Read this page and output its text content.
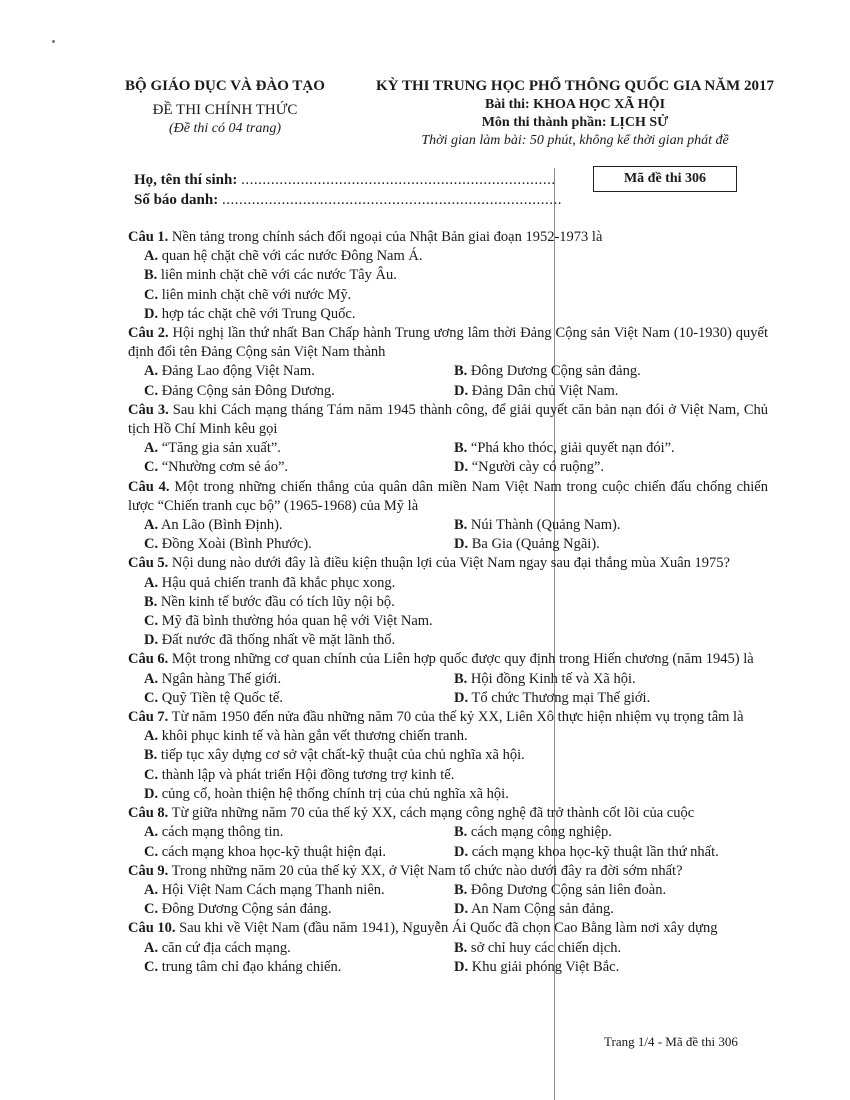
BỘ GIÁO DỤC VÀ ĐÀO TẠO
ĐỀ THI CHÍNH THỨC
(Đề thi có 04 trang)
KỲ THI TRUNG HỌC PHỔ THÔNG QUỐC GIA NĂM 2017
Bài thi: KHOA HỌC XÃ HỘI
Môn thi thành phần: LỊCH SỬ
Thời gian làm bài: 50 phút, không kể thời gian phát đề
Họ, tên thí sinh: ..........................................................................
Số báo danh: ................................................................................
Mã đề thi 306
Câu 1. Nền tảng trong chính sách đối ngoại của Nhật Bản giai đoạn 1952-1973 là
A. quan hệ chặt chẽ với các nước Đông Nam Á.
B. liên minh chặt chẽ với các nước Tây Âu.
C. liên minh chặt chẽ với nước Mỹ.
D. hợp tác chặt chẽ với Trung Quốc.
Câu 2. Hội nghị lần thứ nhất Ban Chấp hành Trung ương lâm thời Đảng Cộng sản Việt Nam (10-1930) quyết định đổi tên Đảng Cộng sản Việt Nam thành
A. Đảng Lao động Việt Nam.	B. Đông Dương Cộng sản đảng.
C. Đảng Cộng sản Đông Dương.	D. Đảng Dân chủ Việt Nam.
Câu 3. Sau khi Cách mạng tháng Tám năm 1945 thành công, để giải quyết căn bản nạn đói ở Việt Nam, Chủ tịch Hồ Chí Minh kêu gọi
A. “Tăng gia sản xuất”.	B. “Phá kho thóc, giải quyết nạn đói”.
C. “Nhường cơm sẻ áo”.	D. “Người cày có ruộng”.
Câu 4. Một trong những chiến thắng của quân dân miền Nam Việt Nam trong cuộc chiến đấu chống chiến lược “Chiến tranh cục bộ” (1965-1968) của Mỹ là
A. An Lão (Bình Định).	B. Núi Thành (Quảng Nam).
C. Đồng Xoài (Bình Phước).	D. Ba Gia (Quảng Ngãi).
Câu 5. Nội dung nào dưới đây là điều kiện thuận lợi của Việt Nam ngay sau đại thắng mùa Xuân 1975?
A. Hậu quả chiến tranh đã khắc phục xong.
B. Nền kinh tế bước đầu có tích lũy nội bộ.
C. Mỹ đã bình thường hóa quan hệ với Việt Nam.
D. Đất nước đã thống nhất về mặt lãnh thổ.
Câu 6. Một trong những cơ quan chính của Liên hợp quốc được quy định trong Hiến chương (năm 1945) là
A. Ngân hàng Thế giới.	B. Hội đồng Kinh tế và Xã hội.
C. Quỹ Tiền tệ Quốc tế.	D. Tổ chức Thương mại Thế giới.
Câu 7. Từ năm 1950 đến nửa đầu những năm 70 của thế kỷ XX, Liên Xô thực hiện nhiệm vụ trọng tâm là
A. khôi phục kinh tế và hàn gắn vết thương chiến tranh.
B. tiếp tục xây dựng cơ sở vật chất-kỹ thuật của chủ nghĩa xã hội.
C. thành lập và phát triển Hội đồng tương trợ kinh tế.
D. củng cố, hoàn thiện hệ thống chính trị của chủ nghĩa xã hội.
Câu 8. Từ giữa những năm 70 của thế kỷ XX, cách mạng công nghệ đã trở thành cốt lõi của cuộc
A. cách mạng thông tin.	B. cách mạng công nghiệp.
C. cách mạng khoa học-kỹ thuật hiện đại.	D. cách mạng khoa học-kỹ thuật lần thứ nhất.
Câu 9. Trong những năm 20 của thế kỷ XX, ở Việt Nam tổ chức nào dưới đây ra đời sớm nhất?
A. Hội Việt Nam Cách mạng Thanh niên.	B. Đông Dương Cộng sản liên đoàn.
C. Đông Dương Cộng sản đảng.	D. An Nam Cộng sản đảng.
Câu 10. Sau khi về Việt Nam (đầu năm 1941), Nguyễn Ái Quốc đã chọn Cao Bằng làm nơi xây dựng
A. căn cứ địa cách mạng.	B. sở chỉ huy các chiến dịch.
C. trung tâm chỉ đạo kháng chiến.	D. Khu giải phóng Việt Bắc.
Trang 1/4 - Mã đề thi 306
